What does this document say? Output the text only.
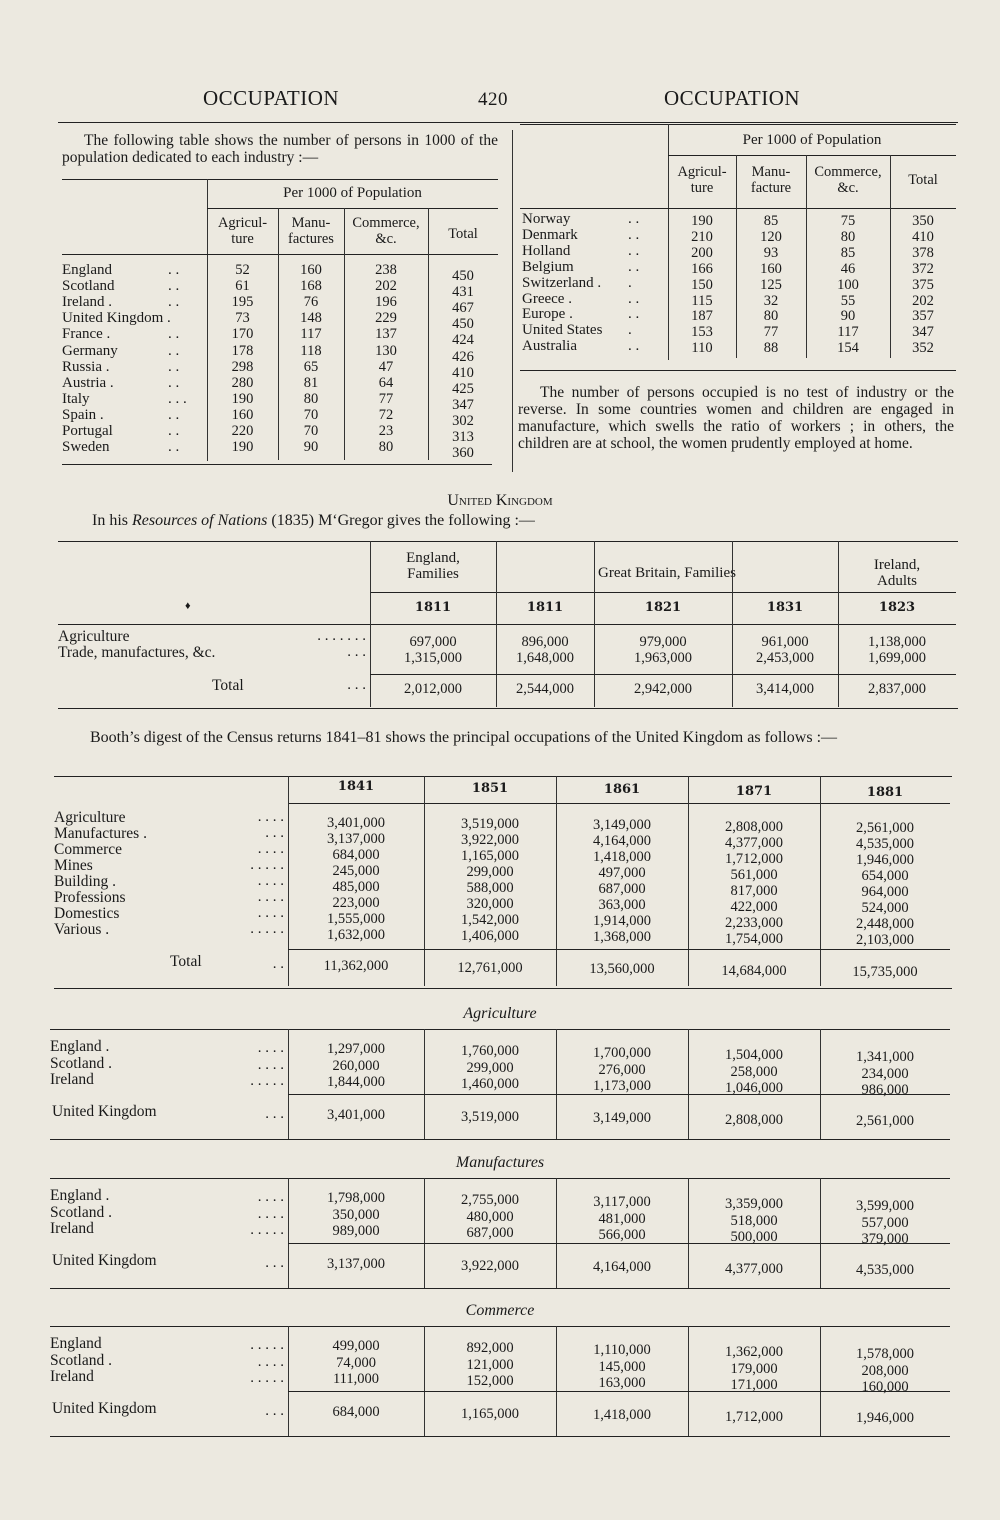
OCCUPATION	420	OCCUPATION
The following table shows the number of persons in 1000 of the population dedicated to each industry :—
Per 1000 of Population
Agricul-
ture
Manu-
factures
Commerce,
&c.	Total
England	. .	52	160	238	450
Scotland	. .	61	168	202	431
Ireland .	. .	195	76	196	467
United Kingdom .	73	148	229	450
France .	. .	170	117	137	424
Germany	. .	178	118	130	426
Russia .	. .	298	65	47	410
Austria .	. .	280	81	64	425
Italy	. . .	190	80	77	347
Spain .	. .	160	70	72	302
Portugal	. .	220	70	23	313
Sweden	. .	190	90	80	360
Per 1000 of Population
Agricul-
ture
Manu-
facture
Commerce,
&c.	Total
Norway	. .	190	85	75	350
Denmark	. .	210	120	80	410
Holland	. .	200	93	85	378
Belgium	. .	166	160	46	372
Switzerland . .	150	125	100	375
Greece .	. .	115	32	55	202
Europe .	. .	187	80	90	357
United States .	153	77	117	347
Australia	. .	110	88	154	352
The number of persons occupied is no test of industry or the reverse. In some countries women and children are engaged in manufacture, which swells the ratio of workers ; in others, the children are at school, the women prudently employed at home.
United Kingdom
In his Resources of Nations (1835) M‘Gregor gives the following :—
England,
Families	Great Britain, Families	Ireland,
Adults
♦	1811	1811	1821	1831	1823
Agriculture	. . . . . . .	697,000	896,000	979,000	961,000	1,138,000
Trade, manufactures, &c.	. . .	1,315,000	1,648,000	1,963,000	2,453,000	1,699,000
Total	. . .	2,012,000	2,544,000	2,942,000	3,414,000	2,837,000
Booth’s digest of the Census returns 1841–81 shows the principal occupations of the United Kingdom as follows :—
1841	1851	1861	1871	1881
Agriculture	. . . .	3,401,000	3,519,000	3,149,000	2,808,000	2,561,000
Manufactures .	. . .	3,137,000	3,922,000	4,164,000	4,377,000	4,535,000
Commerce	. . . .	684,000	1,165,000	1,418,000	1,712,000	1,946,000
Mines	. . . . .	245,000	299,000	497,000	561,000	654,000
Building .	. . . .	485,000	588,000	687,000	817,000	964,000
Professions	. . . .	223,000	320,000	363,000	422,000	524,000
Domestics	. . . .	1,555,000	1,542,000	1,914,000	2,233,000	2,448,000
Various .	. . . . .	1,632,000	1,406,000	1,368,000	1,754,000	2,103,000
Total	. .	11,362,000	12,761,000	13,560,000	14,684,000	15,735,000
Agriculture
England .	. . . .	1,297,000	1,760,000	1,700,000	1,504,000	1,341,000
Scotland .	. . . .	260,000	299,000	276,000	258,000	234,000
Ireland	. . . . .	1,844,000	1,460,000	1,173,000	1,046,000	986,000
United Kingdom	. . .	3,401,000	3,519,000	3,149,000	2,808,000	2,561,000
Manufactures
England .	. . . .	1,798,000	2,755,000	3,117,000	3,359,000	3,599,000
Scotland .	. . . .	350,000	480,000	481,000	518,000	557,000
Ireland	. . . . .	989,000	687,000	566,000	500,000	379,000
United Kingdom	. . .	3,137,000	3,922,000	4,164,000	4,377,000	4,535,000
Commerce
England	. . . . .	499,000	892,000	1,110,000	1,362,000	1,578,000
Scotland .	. . . .	74,000	121,000	145,000	179,000	208,000
Ireland	. . . . .	111,000	152,000	163,000	171,000	160,000
United Kingdom	. . .	684,000	1,165,000	1,418,000	1,712,000	1,946,000
